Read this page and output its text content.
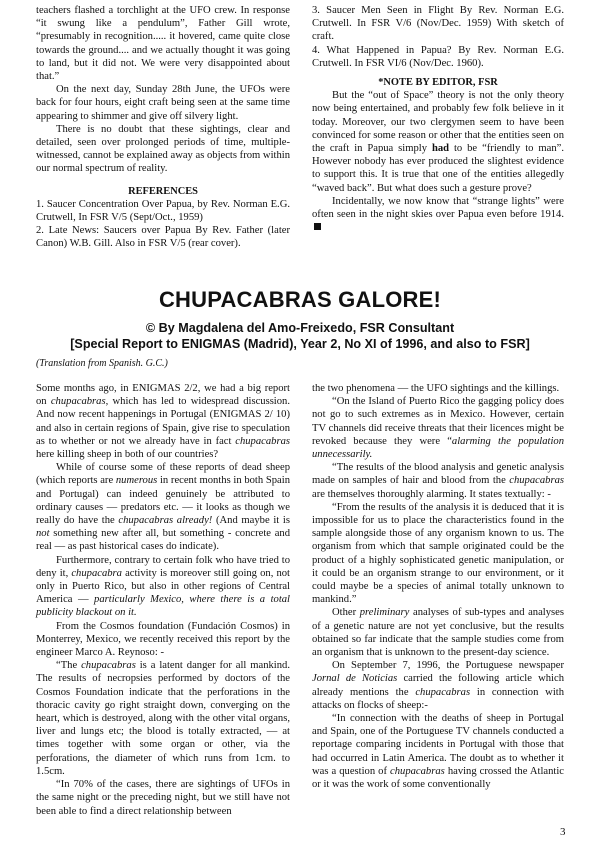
teachers flashed a torchlight at the UFO crew. In response “it swung like a pendulum”, Father Gill wrote, “presumably in recognition..... it hovered, came quite close towards the ground.... and we actually thought it was going to land, but it did not. We were very disappointed about that.”

On the next day, Sunday 28th June, the UFOs were back for four hours, eight craft being seen at the same time appearing to shimmer and give off silvery light.

There is no doubt that these sightings, clear and detailed, seen over prolonged periods of time, multiple-witnessed, cannot be explained away as objects from within our normal spectrum of reality.

REFERENCES

1. Saucer Concentration Over Papua, by Rev. Norman E.G. Crutwell, In FSR V/5 (Sept/Oct., 1959)

2. Late News: Saucers over Papua By Rev. Father (later Canon) W.B. Gill. Also in FSR V/5 (rear cover).

3. Saucer Men Seen in Flight By Rev. Norman E.G. Crutwell. In FSR V/6 (Nov/Dec. 1959) With sketch of craft.

4. What Happened in Papua? By Rev. Norman E.G. Crutwell. In FSR VI/6 (Nov/Dec. 1960).

*NOTE BY EDITOR, FSR

But the “out of Space” theory is not the only theory now being entertained, and probably few folk believe in it today. Moreover, our two clergymen seem to have been convinced for some reason or other that the entities seen on the craft in Papua simply had to be “friendly to man”. However nobody has ever produced the slightest evidence to support this. It is true that one of the entities allegedly “waved back”. But what does such a gesture prove?

Incidentally, we now know that “strange lights” were often seen in the night skies over Papua even before 1914.

CHUPACABRAS GALORE!
© By Magdalena del Amo-Freixedo, FSR Consultant
[Special Report to ENIGMAS (Madrid), Year 2, No XI of 1996, and also to FSR]
(Translation from Spanish. G.C.)

Some months ago, in ENIGMAS 2/2, we had a big report on chupacabras, which has led to widespread discussion. And now recent happenings in Portugal (ENIGMAS 2/ 10) and also in certain regions of Spain, give rise to speculation as to whether or not we already have in fact chupacabras here killing sheep in both of our countries?

While of course some of these reports of dead sheep (which reports are numerous in recent months in both Spain and Portugal) can indeed genuinely be attributed to ordinary causes — predators etc. — it looks as though we really do have the chupacabras already! (And maybe it is not something new after all, but something - concrete and real — as past historical cases do indicate).

Furthermore, contrary to certain folk who have tried to deny it, chupacabra activity is moreover still going on, not only in Puerto Rico, but also in other regions of Central America — particularly Mexico, where there is a total publicity blackout on it.

From the Cosmos foundation (Fundación Cosmos) in Monterrey, Mexico, we recently received this report by the engineer Marco A. Reynoso: -

“The chupacabras is a latent danger for all mankind. The results of necropsies performed by doctors of the Cosmos Foundation indicate that the perforations in the thoracic cavity go right straight down, converging on the heart, which is destroyed, along with the other vital organs, liver and lungs etc; the blood is totally extracted, — at times together with some organ or other, via the perforations, the diameter of which runs from 1cm. to 1.5cm.

“In 70% of the cases, there are sightings of UFOs in the same night or the preceding night, but we still have not been able to find a direct relationship between

the two phenomena — the UFO sightings and the killings.

“On the Island of Puerto Rico the gagging policy does not go to such extremes as in Mexico. However, certain TV channels did receive threats that their licences might be revoked because they were “alarming the population unnecessarily.

“The results of the blood analysis and genetic analysis made on samples of hair and blood from the chupacabras are themselves thoroughly alarming. It states textually: -

“From the results of the analysis it is deduced that it is impossible for us to place the characteristics found in the sample alongside those of any organism known to us. The organism from which that sample originated could be the product of a highly sophisticated genetic manipulation, or it could be an organism strange to our environment, or it could maybe be a species of animal totally unknown to mankind.”

Other preliminary analyses of sub-types and analyses of a genetic nature are not yet conclusive, but the results obtained so far indicate that the sample studies come from an organism that is unknown to the present-day science.

On September 7, 1996, the Portuguese newspaper Jornal de Noticias carried the following article which already mentions the chupacabras in connection with attacks on flocks of sheep:-

“In connection with the deaths of sheep in Portugal and Spain, one of the Portuguese TV channels conducted a reportage comparing incidents in Portugal with those that had occurred in Latin America. The doubt as to whether it was a question of chupacabras having crossed the Atlantic or it was the work of some conventionally

3
